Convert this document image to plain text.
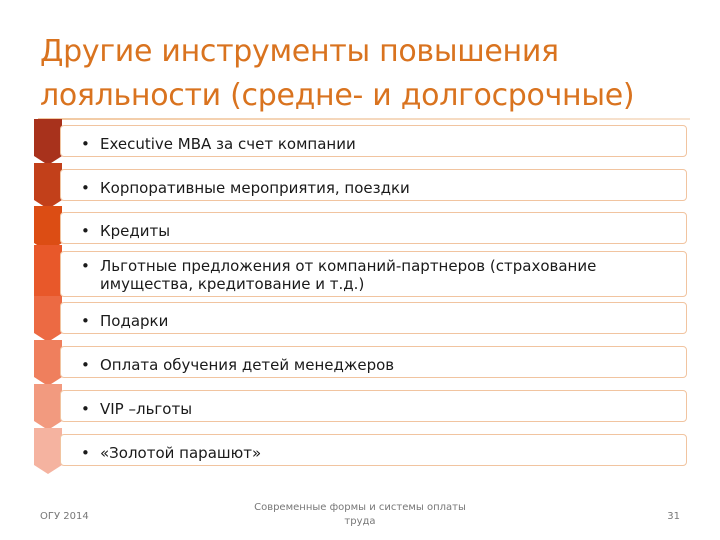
Другие инструменты повышения лояльности (средне- и долгосрочные)
• Executive MBA за счет компании
• Корпоративные мероприятия, поездки
• Кредиты
• Льготные предложения от компаний-партнеров (страхование имущества, кредитование и т.д.)
• Подарки
• Оплата обучения детей менеджеров
• VIP –льготы
• «Золотой парашют»
ОГУ 2014
Современные формы и системы оплаты труда	31
